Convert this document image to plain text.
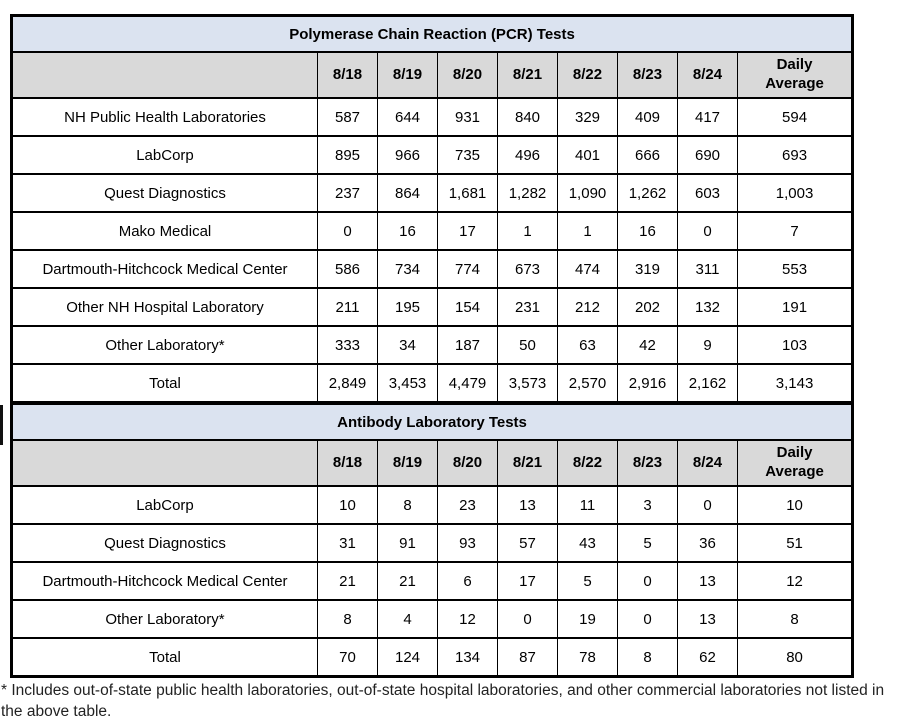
Polymerase Chain Reaction (PCR) Tests								
	8/18	8/19	8/20	8/21	8/22	8/23	8/24	Daily Average
NH Public Health Laboratories	587	644	931	840	329	409	417	594
LabCorp	895	966	735	496	401	666	690	693
Quest Diagnostics	237	864	1,681	1,282	1,090	1,262	603	1,003
Mako Medical	0	16	17	1	1	16	0	7
Dartmouth-Hitchcock Medical Center	586	734	774	673	474	319	311	553
Other NH Hospital Laboratory	211	195	154	231	212	202	132	191
Other Laboratory*	333	34	187	50	63	42	9	103
Total	2,849	3,453	4,479	3,573	2,570	2,916	2,162	3,143
Antibody Laboratory Tests								
	8/18	8/19	8/20	8/21	8/22	8/23	8/24	Daily Average
LabCorp	10	8	23	13	11	3	0	10
Quest Diagnostics	31	91	93	57	43	5	36	51
Dartmouth-Hitchcock Medical Center	21	21	6	17	5	0	13	12
Other Laboratory*	8	4	12	0	19	0	13	8
Total	70	124	134	87	78	8	62	80

* Includes out-of-state public health laboratories, out-of-state hospital laboratories, and other commercial laboratories not listed in the above table.
